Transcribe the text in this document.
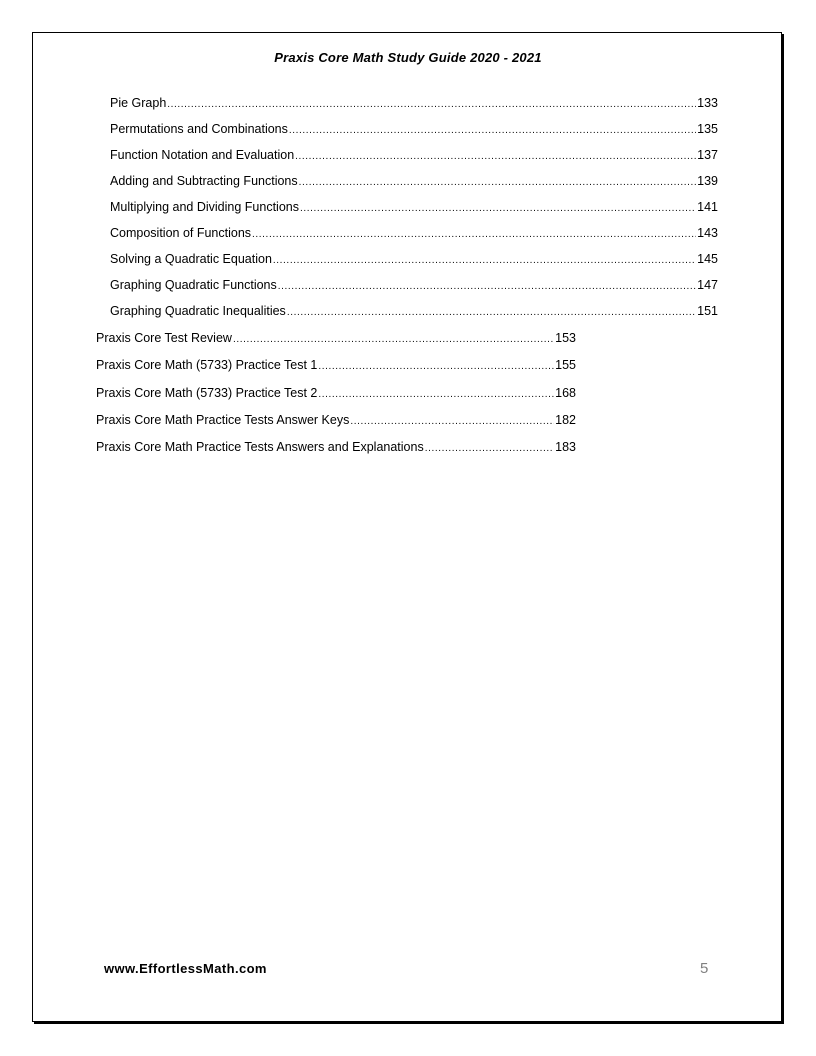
Praxis Core Math Study Guide 2020 - 2021
Pie Graph .....	133
Permutations and Combinations .....	135
Function Notation and Evaluation .....	137
Adding and Subtracting Functions .....	139
Multiplying and Dividing Functions .....	141
Composition of Functions .....	143
Solving a Quadratic Equation .....	145
Graphing Quadratic Functions .....	147
Graphing Quadratic Inequalities .....	151
Praxis Core Test Review .....	153
Praxis Core Math (5733) Practice Test 1 .....	155
Praxis Core Math (5733) Practice Test 2 .....	168
Praxis Core Math Practice Tests Answer Keys .....	182
Praxis Core Math Practice Tests Answers and Explanations .....	183
www.EffortlessMath.com	5
